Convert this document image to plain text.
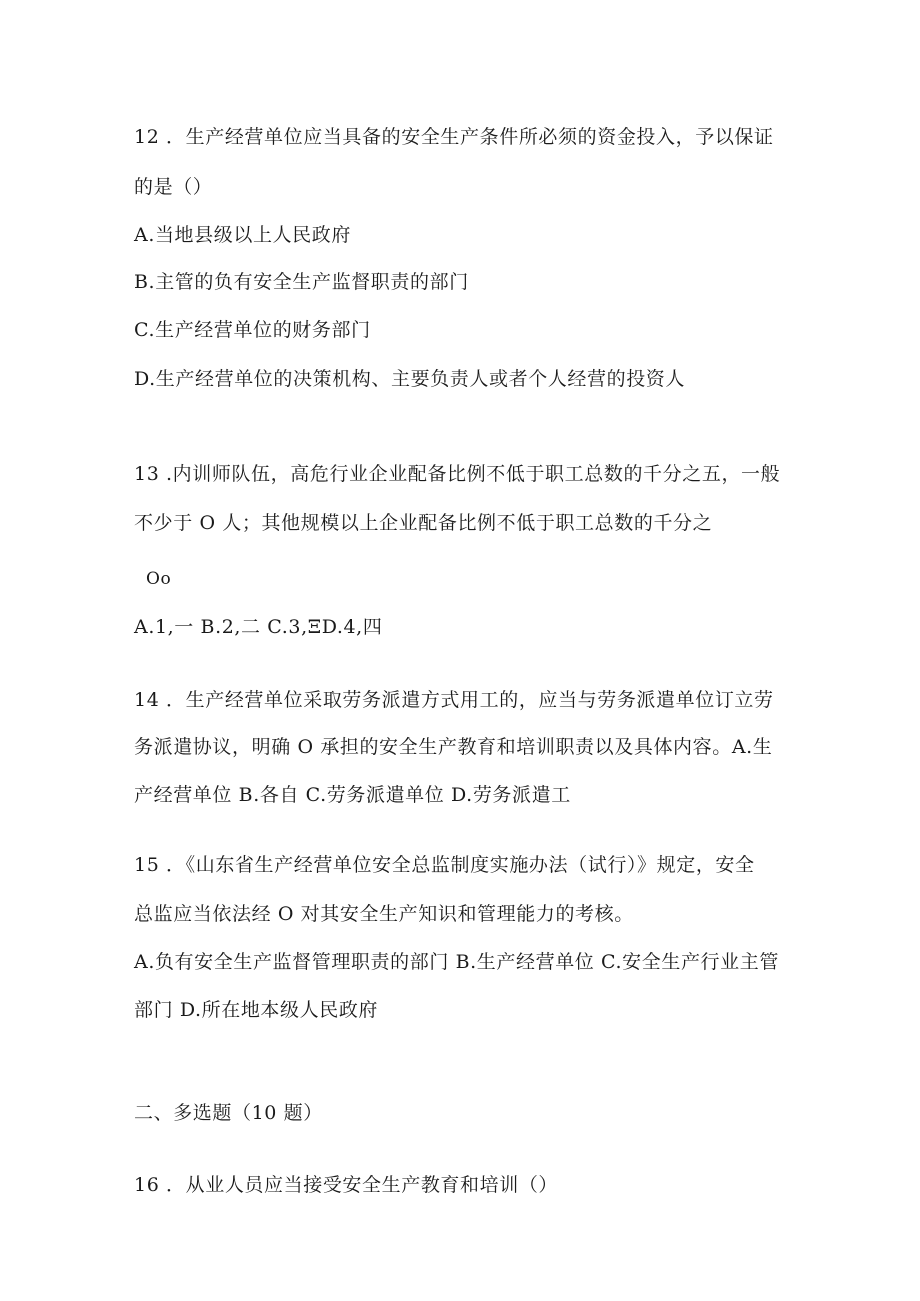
12 ．生产经营单位应当具备的安全生产条件所必须的资金投入，予以保证
的是（）
A.当地县级以上人民政府
B.主管的负有安全生产监督职责的部门
C.生产经营单位的财务部门
D.生产经营单位的决策机构、主要负责人或者个人经营的投资人
13 .内训师队伍，高危行业企业配备比例不低于职工总数的千分之五，一般
不少于 O 人；其他规模以上企业配备比例不低于职工总数的千分之
Oo
A.1,一 B.2,二 C.3,ΞD.4,四
14 ．生产经营单位采取劳务派遣方式用工的，应当与劳务派遣单位订立劳
务派遣协议，明确 O 承担的安全生产教育和培训职责以及具体内容。A.生
产经营单位 B.各自 C.劳务派遣单位 D.劳务派遣工
15 ．《山东省生产经营单位安全总监制度实施办法（试行）》规定，安全
总监应当依法经 O 对其安全生产知识和管理能力的考核。
A.负有安全生产监督管理职责的部门 B.生产经营单位 C.安全生产行业主管
部门 D.所在地本级人民政府
二、多选题（10 题）
16 ．从业人员应当接受安全生产教育和培训（）
